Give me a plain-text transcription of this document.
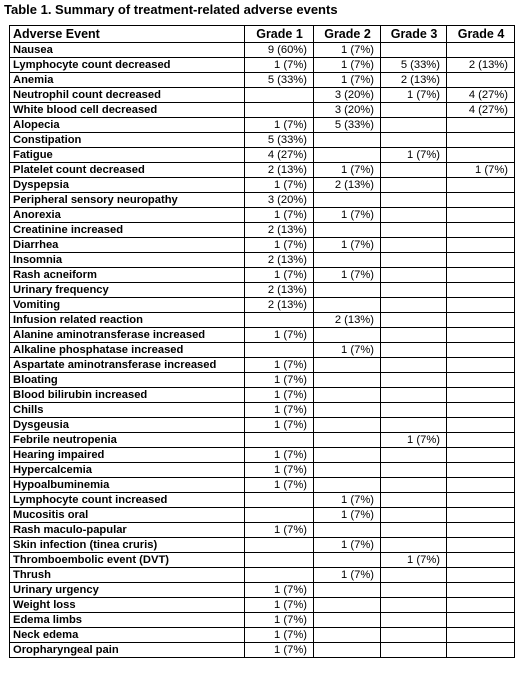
Table 1. Summary of treatment-related adverse events
Adverse Event	Grade 1	Grade 2	Grade 3	Grade 4
Nausea	9 (60%)	1 (7%)		
Lymphocyte count decreased	1 (7%)	1 (7%)	5 (33%)	2 (13%)
Anemia	5 (33%)	1 (7%)	2 (13%)	
Neutrophil count decreased		3 (20%)	1 (7%)	4 (27%)
White blood cell decreased		3 (20%)		4 (27%)
Alopecia	1 (7%)	5 (33%)		
Constipation	5 (33%)			
Fatigue	4 (27%)		1 (7%)	
Platelet count decreased	2 (13%)	1 (7%)		1 (7%)
Dyspepsia	1 (7%)	2 (13%)		
Peripheral sensory neuropathy	3 (20%)			
Anorexia	1 (7%)	1 (7%)		
Creatinine increased	2 (13%)			
Diarrhea	1 (7%)	1 (7%)		
Insomnia	2 (13%)			
Rash acneiform	1 (7%)	1 (7%)		
Urinary frequency	2 (13%)			
Vomiting	2 (13%)			
Infusion related reaction		2 (13%)		
Alanine aminotransferase increased	1 (7%)			
Alkaline phosphatase increased		1 (7%)		
Aspartate aminotransferase increased	1 (7%)			
Bloating	1 (7%)			
Blood bilirubin increased	1 (7%)			
Chills	1 (7%)			
Dysgeusia	1 (7%)			
Febrile neutropenia			1 (7%)	
Hearing impaired	1 (7%)			
Hypercalcemia	1 (7%)			
Hypoalbuminemia	1 (7%)			
Lymphocyte count increased		1 (7%)		
Mucositis oral		1 (7%)		
Rash maculo-papular	1 (7%)			
Skin infection (tinea cruris)		1 (7%)		
Thromboembolic event (DVT)			1 (7%)	
Thrush		1 (7%)		
Urinary urgency	1 (7%)			
Weight loss	1 (7%)			
Edema limbs	1 (7%)			
Neck edema	1 (7%)			
Oropharyngeal pain	1 (7%)			
